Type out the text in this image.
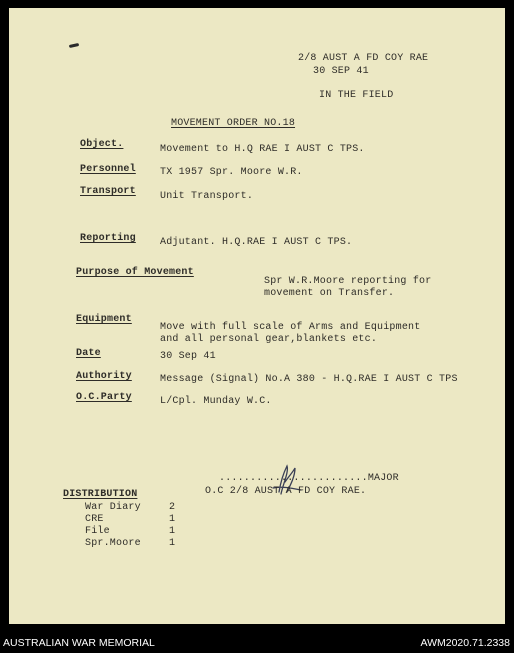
2/8 AUST A FD COY RAE
30 SEP 41
IN THE FIELD
MOVEMENT ORDER NO.18
Object.	Movement to H.Q RAE I AUST C TPS.
Personnel TX 1957 Spr. Moore W.R.
Transport Unit Transport.
Reporting Adjutant. H.Q.RAE I AUST C TPS.
Purpose of Movement
Spr W.R.Moore reporting for
movement on Transfer.
Equipment
Move with full scale of Arms and Equipment
and all personal gear,blankets etc.
Date	30 Sep 41
Authority	Message (Signal) No.A 380 - H.Q.RAE I AUST C TPS
O.C.Party	L/Cpl. Munday W.C.
........................MAJOR
O.C 2/8 AUST A FD COY RAE.
DISTRIBUTION
War Diary	2
CRE	1
File	1
Spr.Moore	1
AUSTRALIAN WAR MEMORIAL	AWM2020.71.2338
